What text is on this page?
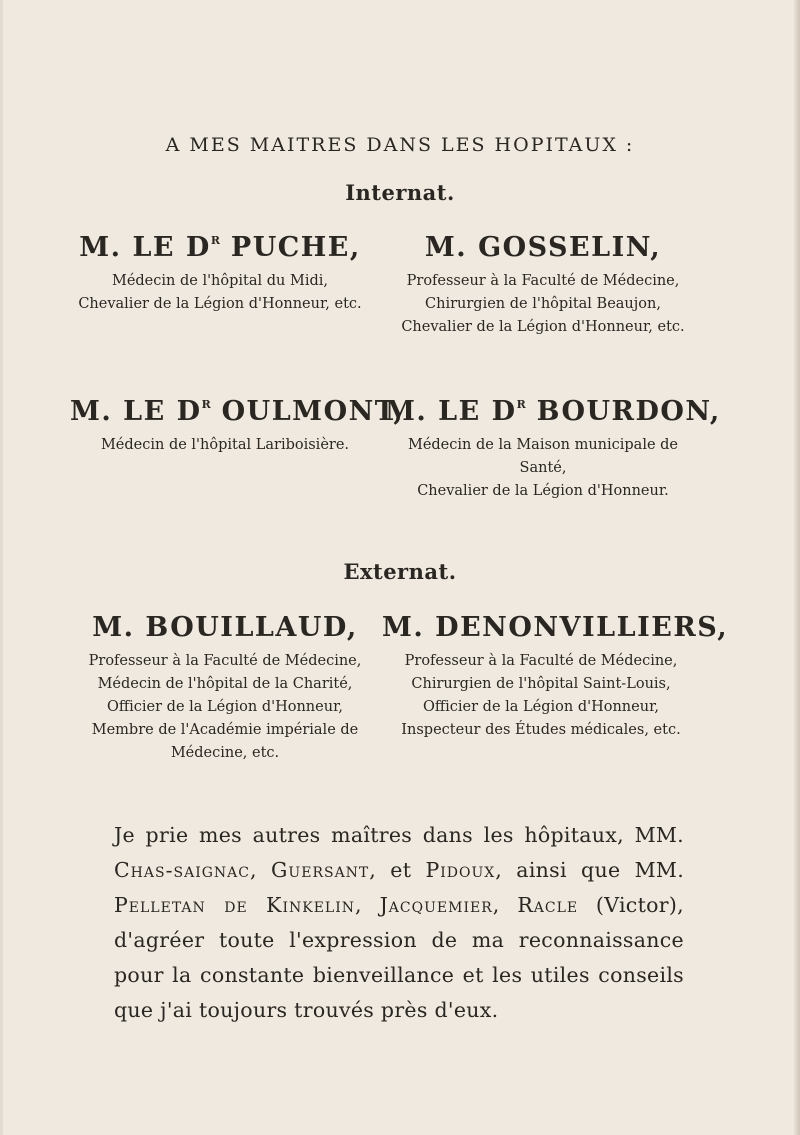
A MES MAITRES DANS LES HOPITAUX :
Internat.
M. LE $D^R$ PUCHE,
Médecin de l'hôpital du Midi,
Chevalier de la Légion d'Honneur, etc.
M. GOSSELIN,
Professeur à la Faculté de Médecine,
Chirurgien de l'hôpital Beaujon,
Chevalier de la Légion d'Honneur, etc.
M. LE $D^R$ OULMONT,
Médecin de l'hôpital Lariboisière.
M. LE $D^R$ BOURDON,
Médecin de la Maison municipale de
Santé,
Chevalier de la Légion d'Honneur.
Externat.
M. BOUILLAUD,
Professeur à la Faculté de Médecine,
Médecin de l'hôpital de la Charité,
Officier de la Légion d'Honneur,
Membre de l'Académie impériale de
Médecine, etc.
M. DENONVILLIERS,
Professeur à la Faculté de Médecine,
Chirurgien de l'hôpital Saint-Louis,
Officier de la Légion d'Honneur,
Inspecteur des Études médicales, etc.
Je prie mes autres maîtres dans les hôpitaux, MM. Chas-saignac, Guersant, et Pidoux, ainsi que MM. Pelletan de Kinkelin, Jacquemier, Racle (Victor), d'agréer toute l'expression de ma reconnaissance pour la constante bienveillance et les utiles conseils que j'ai toujours trouvés près d'eux.
